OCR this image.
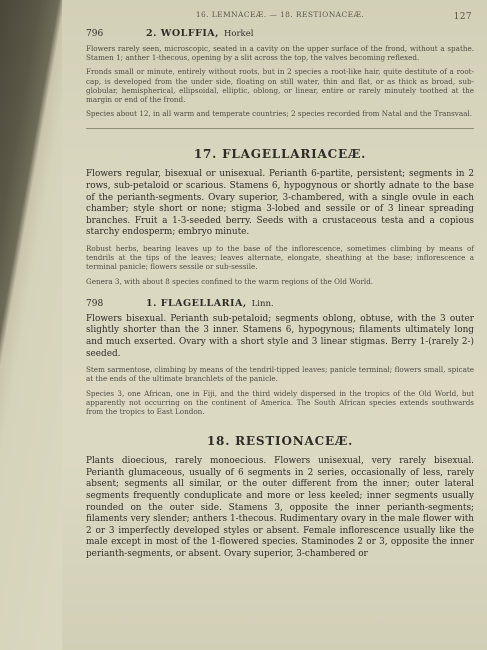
16. LEMNACEÆ. — 18. RESTIONACEÆ.	127
796	2. WOLFFIA, Horkel

Flowers rarely seen, microscopic, seated in a cavity on the upper surface of the frond, without a spathe. Stamen 1; anther 1-thecous, opening by a slit across the top, the valves becoming reflexed.

Fronds small or minute, entirely without roots, but in 2 species a root-like hair, quite destitute of a root-cap, is developed from the under side, floating on still water, thin and flat, or as thick as broad, sub-globular, hemispherical, ellipsoidal, elliptic, oblong, or linear, entire or rarely minutely toothed at the margin or end of the frond.

Species about 12, in all warm and temperate countries; 2 species recorded from Natal and the Transvaal.

17. FLAGELLARIACEÆ.

Flowers regular, bisexual or unisexual. Perianth 6-partite, persistent; segments in 2 rows, sub-petaloid or scarious. Stamens 6, hypogynous or shortly adnate to the base of the perianth-segments. Ovary superior, 3-chambered, with a single ovule in each chamber; style short or none; stigma 3-lobed and sessile or of 3 linear spreading branches. Fruit a 1-3-seeded berry. Seeds with a crustaceous testa and a copious starchy endosperm; embryo minute.

Robust herbs, bearing leaves up to the base of the inflorescence, sometimes climbing by means of tendrils at the tips of the leaves; leaves alternate, elongate, sheathing at the base; inflorescence a terminal panicle; flowers sessile or sub-sessile.

Genera 3, with about 8 species confined to the warm regions of the Old World.

798	1. FLAGELLARIA, Linn.

Flowers bisexual. Perianth sub-petaloid; segments oblong, obtuse, with the 3 outer slightly shorter than the 3 inner. Stamens 6, hypogynous; filaments ultimately long and much exserted. Ovary with a short style and 3 linear stigmas. Berry 1-(rarely 2-) seeded.

Stem sarmentose, climbing by means of the tendril-tipped leaves; panicle terminal; flowers small, spicate at the ends of the ultimate branchlets of the panicle.

Species 3, one African, one in Fiji, and the third widely dispersed in the tropics of the Old World, but apparently not occurring on the continent of America. The South African species extends southwards from the tropics to East London.

18. RESTIONACEÆ.

Plants dioecious, rarely monoecious. Flowers unisexual, very rarely bisexual. Perianth glumaceous, usually of 6 segments in 2 series, occasionally of less, rarely absent; segments all similar, or the outer different from the inner; outer lateral segments frequently conduplicate and more or less keeled; inner segments usually rounded on the outer side. Stamens 3, opposite the inner perianth-segments; filaments very slender; anthers 1-thecous. Rudimentary ovary in the male flower with 2 or 3 imperfectly developed styles or absent. Female inflorescence usually like the male except in most of the 1-flowered species. Staminodes 2 or 3, opposite the inner perianth-segments, or absent. Ovary superior, 3-chambered or
